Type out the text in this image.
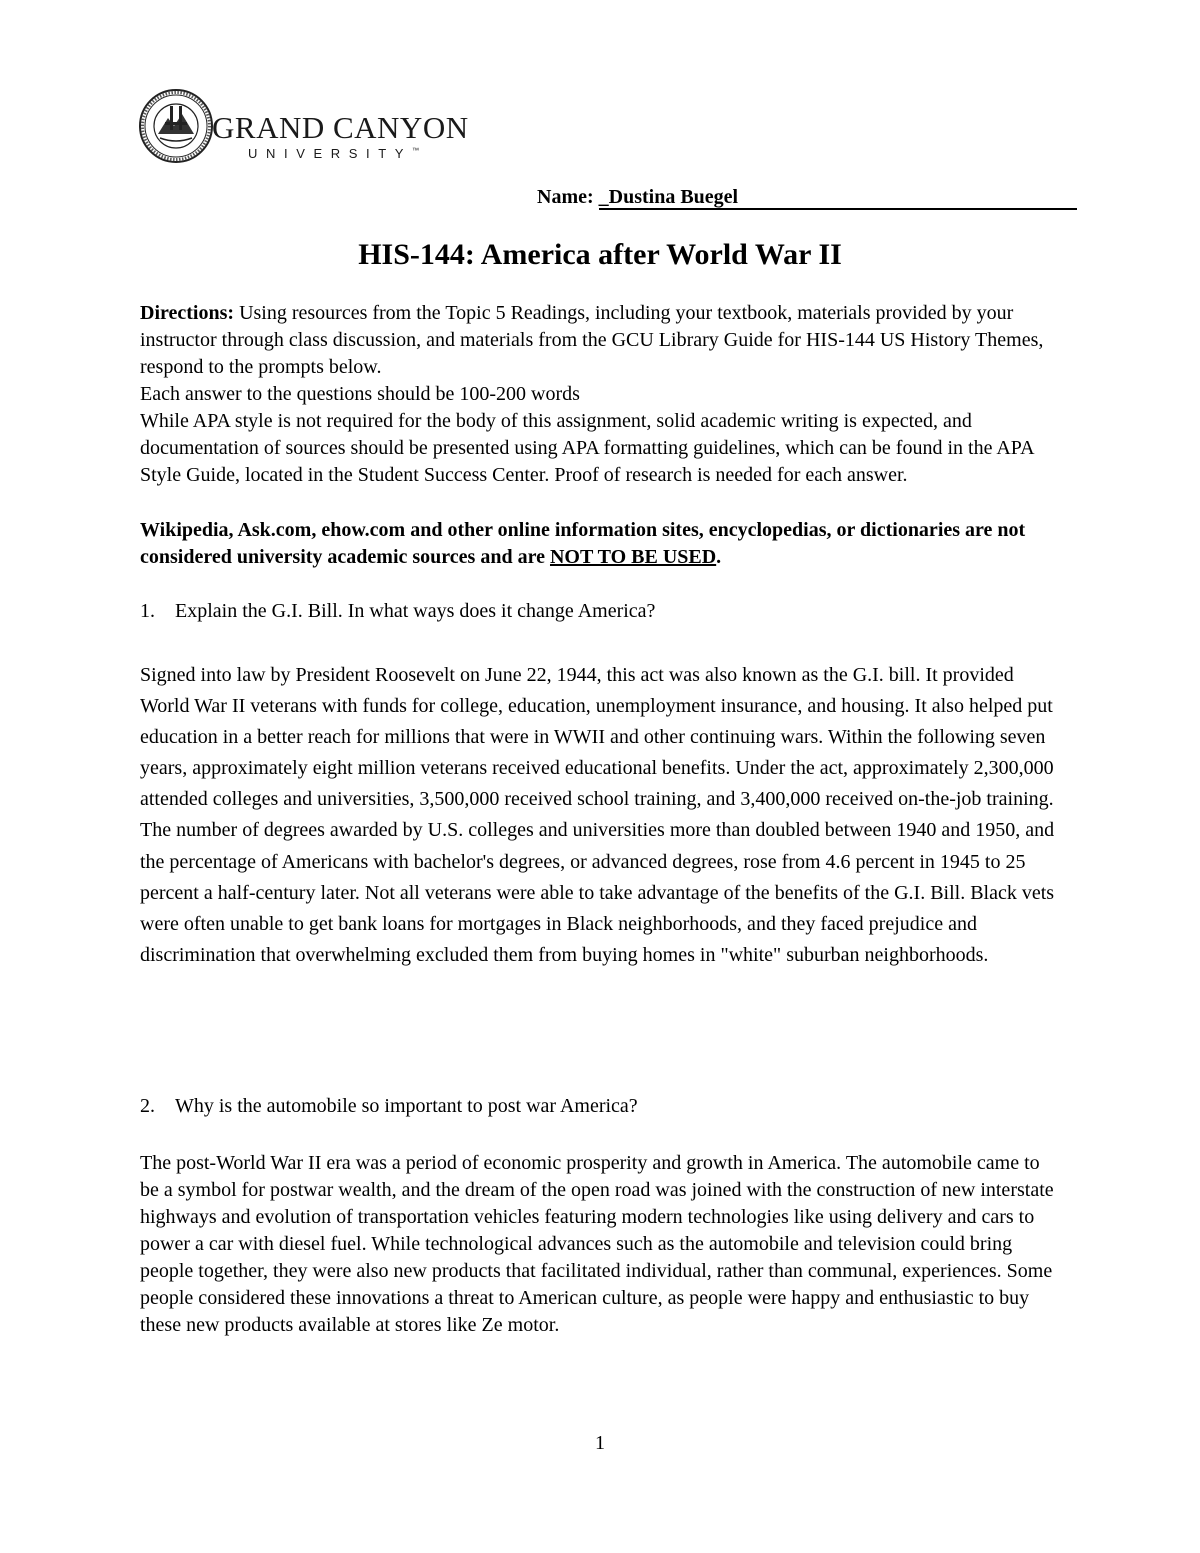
GRAND CANYON
UNIVERSITY™
Name: _Dustina Buegel
HIS-144: America after World War II
Directions: Using resources from the Topic 5 Readings, including your textbook, materials provided by your instructor through class discussion, and materials from the GCU Library Guide for HIS-144 US History Themes, respond to the prompts below.
Each answer to the questions should be 100-200 words
While APA style is not required for the body of this assignment, solid academic writing is expected, and documentation of sources should be presented using APA formatting guidelines, which can be found in the APA Style Guide, located in the Student Success Center. Proof of research is needed for each answer.
Wikipedia, Ask.com, ehow.com and other online information sites, encyclopedias, or dictionaries are not considered university academic sources and are NOT TO BE USED.
1. Explain the G.I. Bill. In what ways does it change America?
Signed into law by President Roosevelt on June 22, 1944, this act was also known as the G.I. bill. It provided World War II veterans with funds for college, education, unemployment insurance, and housing. It also helped put education in a better reach for millions that were in WWII and other continuing wars. Within the following seven years, approximately eight million veterans received educational benefits. Under the act, approximately 2,300,000 attended colleges and universities, 3,500,000 received school training, and 3,400,000 received on-the-job training. The number of degrees awarded by U.S. colleges and universities more than doubled between 1940 and 1950, and the percentage of Americans with bachelor's degrees, or advanced degrees, rose from 4.6 percent in 1945 to 25 percent a half-century later. Not all veterans were able to take advantage of the benefits of the G.I. Bill. Black vets were often unable to get bank loans for mortgages in Black neighborhoods, and they faced prejudice and discrimination that overwhelming excluded them from buying homes in "white" suburban neighborhoods.
2. Why is the automobile so important to post war America?
The post-World War II era was a period of economic prosperity and growth in America. The automobile came to be a symbol for postwar wealth, and the dream of the open road was joined with the construction of new interstate highways and evolution of transportation vehicles featuring modern technologies like using delivery and cars to power a car with diesel fuel. While technological advances such as the automobile and television could bring people together, they were also new products that facilitated individual, rather than communal, experiences. Some people considered these innovations a threat to American culture, as people were happy and enthusiastic to buy these new products available at stores like Ze motor.
1
